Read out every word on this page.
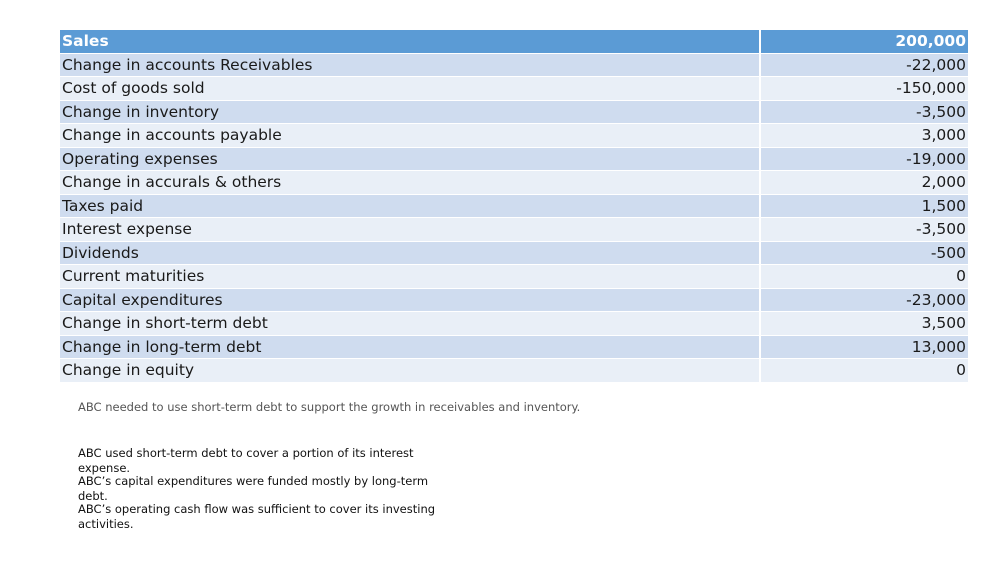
Sales	200,000
Change in accounts Receivables	-22,000
Cost of goods sold	-150,000
Change in inventory	-3,500
Change in accounts payable	3,000
Operating expenses	-19,000
Change in accurals & others	2,000
Taxes paid	1,500
Interest expense	-3,500
Dividends	-500
Current maturities	0
Capital expenditures	-23,000
Change in short-term debt	3,500
Change in long-term debt	13,000
Change in equity	0
ABC needed to use short-term debt to support the growth in receivables and inventory.
ABC used short-term debt to cover a portion of its interest expense.
ABC’s capital expenditures were funded mostly by long-term debt.
ABC’s operating cash flow was sufficient to cover its investing activities.
